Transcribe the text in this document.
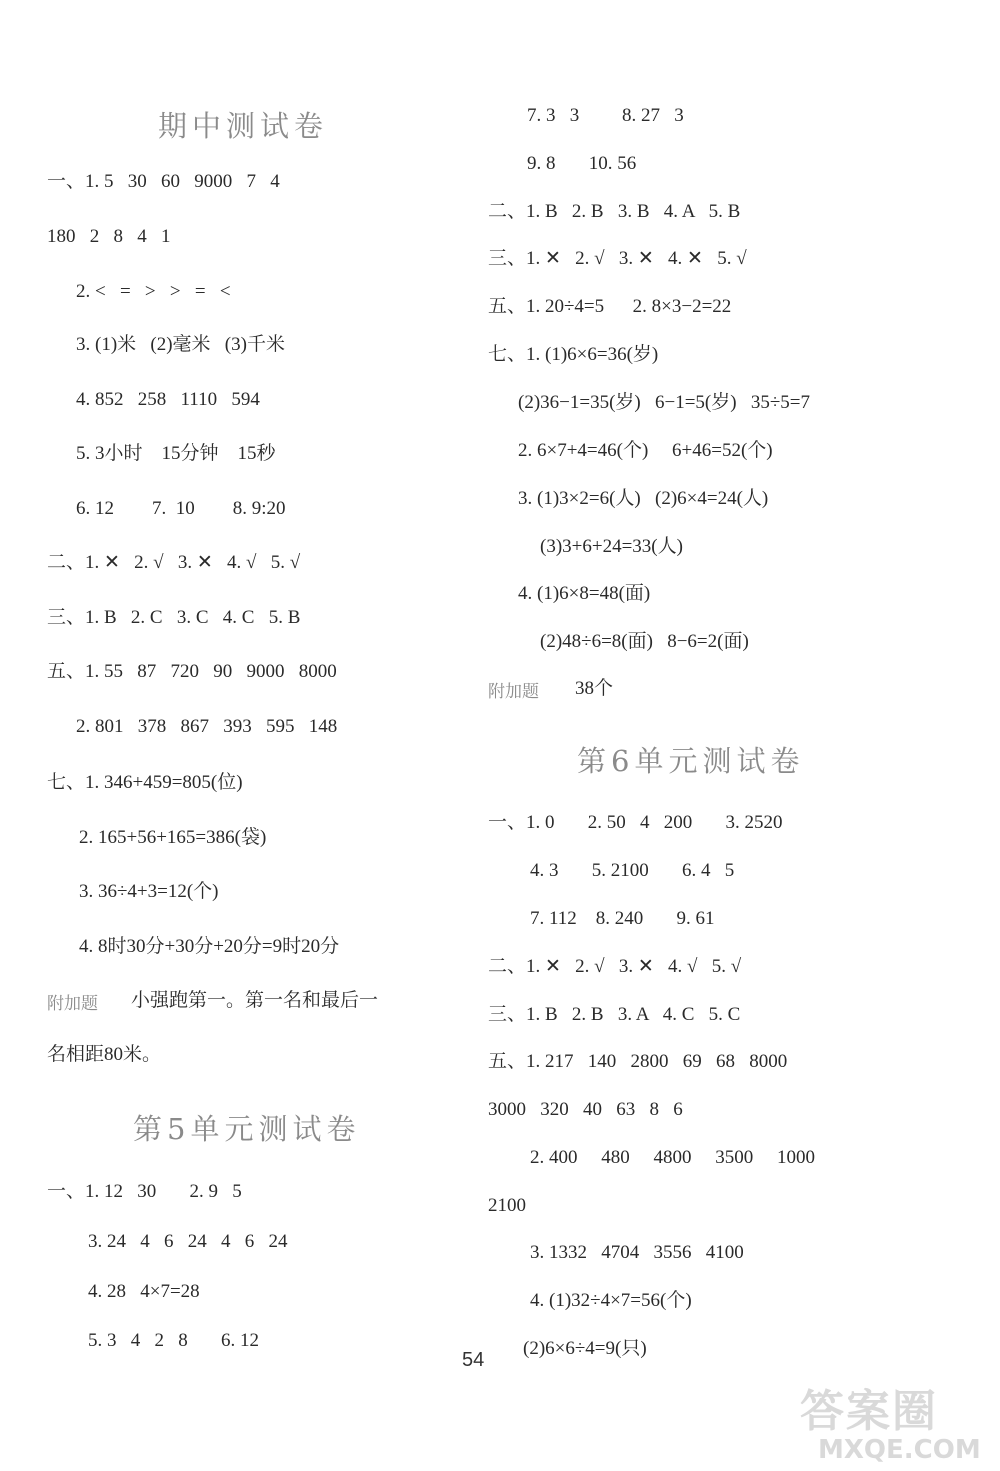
期中测试卷
一、1. 5   30   60   9000   7   4
180   2   8   4   1
2. <   =   >   >   =   <
3. (1)米   (2)毫米   (3)千米
4. 852   258   1110   594
5. 3小时    15分钟    15秒
6. 12        7.  10        8. 9:20
二、1. ✕   2. √   3. ✕   4. √   5. √
三、1. B   2. C   3. C   4. C   5. B
五、1. 55   87   720   90   9000   8000
2. 801   378   867   393   595   148
七、1. 346+459=805(位)
2. 165+56+165=386(袋)
3. 36÷4+3=12(个)
4. 8时30分+30分+20分=9时20分
附加题 小强跑第一。第一名和最后一
名相距80米。
第5单元测试卷
一、1. 12   30       2. 9   5
3. 24   4   6   24   4   6   24
4. 28   4×7=28
5. 3   4   2   8       6. 12
7. 3   3         8. 27   3
9. 8       10. 56
二、1. B   2. B   3. B   4. A   5. B
三、1. ✕   2. √   3. ✕   4. ✕   5. √
五、1. 20÷4=5      2. 8×3−2=22
七、1. (1)6×6=36(岁)
(2)36−1=35(岁)   6−1=5(岁)   35÷5=7
2. 6×7+4=46(个)     6+46=52(个)
3. (1)3×2=6(人)   (2)6×4=24(人)
(3)3+6+24=33(人)
4. (1)6×8=48(面)
(2)48÷6=8(面)   8−6=2(面)
附加题 38个
第6单元测试卷
一、1. 0       2. 50   4   200       3. 2520
4. 3       5. 2100       6. 4   5
7. 112    8. 240       9. 61
二、1. ✕   2. √   3. ✕   4. √   5. √
三、1. B   2. B   3. A   4. C   5. C
五、1. 217   140   2800   69   68   8000
3000   320   40   63   8   6
2. 400     480     4800     3500     1000
2100
3. 1332   4704   3556   4100
4. (1)32÷4×7=56(个)
(2)6×6÷4=9(只)
54
答案圈
MXQE.COM
